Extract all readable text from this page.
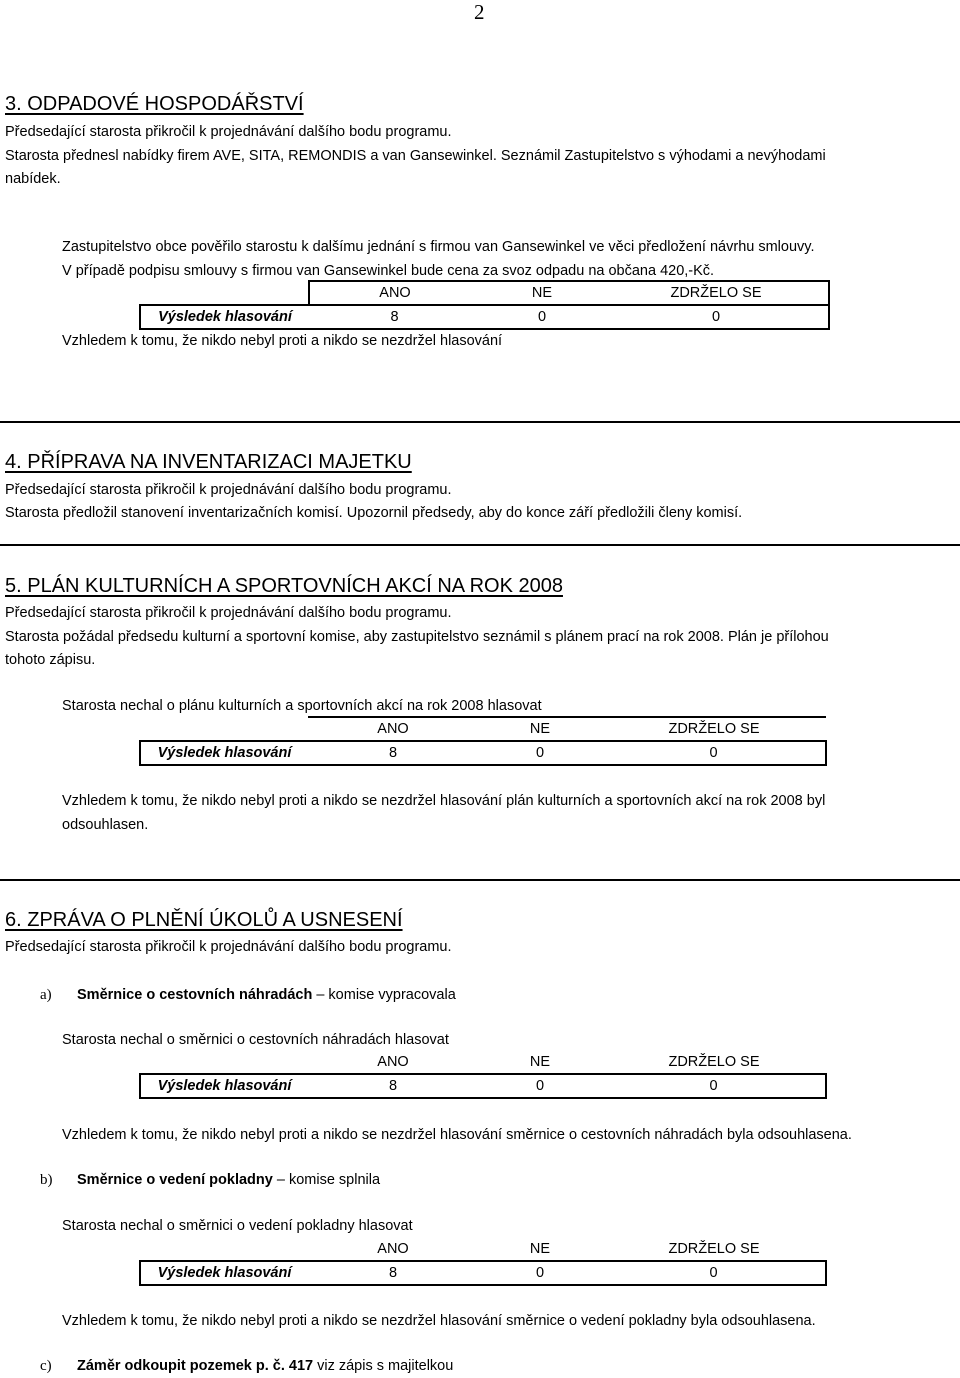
2
3. ODPADOVÉ HOSPODÁŘSTVÍ
Předsedající starosta přikročil k projednávání dalšího bodu programu.
Starosta přednesl nabídky firem AVE, SITA, REMONDIS a van Gansewinkel. Seznámil Zastupitelstvo s výhodami a nevýhodami
nabídek.
Zastupitelstvo obce pověřilo starostu k dalšímu jednání s firmou van Gansewinkel ve věci předložení návrhu smlouvy.
V případě podpisu smlouvy s firmou van Gansewinkel bude cena za svoz odpadu na občana 420,-Kč.
	ANO	NE	ZDRŽELO SE
Výsledek hlasování	8	0	0
Vzhledem k tomu, že nikdo nebyl proti a nikdo se nezdržel hlasování
4. PŘÍPRAVA NA INVENTARIZACI MAJETKU
Předsedající starosta přikročil k projednávání dalšího bodu programu.
Starosta předložil stanovení inventarizačních komisí. Upozornil předsedy, aby do konce září předložili členy komisí.
5. PLÁN KULTURNÍCH A SPORTOVNÍCH AKCÍ NA ROK 2008
Předsedající starosta přikročil k projednávání dalšího bodu programu.
Starosta požádal předsedu kulturní a sportovní komise, aby zastupitelstvo seznámil s plánem prací na rok 2008. Plán je přílohou
tohoto zápisu.
Starosta nechal o plánu kulturních a sportovních akcí na rok 2008 hlasovat
	ANO	NE	ZDRŽELO SE
Výsledek hlasování	8	0	0
Vzhledem k tomu, že nikdo nebyl proti a nikdo se nezdržel hlasování plán kulturních a sportovních akcí na rok 2008 byl
odsouhlasen.
6. ZPRÁVA O PLNĚNÍ ÚKOLŮ A USNESENÍ
Předsedající starosta přikročil k projednávání dalšího bodu programu.
a) Směrnice o cestovních náhradách – komise vypracovala
Starosta nechal o směrnici o cestovních náhradách hlasovat
	ANO	NE	ZDRŽELO SE
Výsledek hlasování	8	0	0
Vzhledem k tomu, že nikdo nebyl proti a nikdo se nezdržel hlasování směrnice o cestovních náhradách byla odsouhlasena.
b) Směrnice o vedení pokladny – komise splnila
Starosta nechal o směrnici o vedení pokladny hlasovat
	ANO	NE	ZDRŽELO SE
Výsledek hlasování	8	0	0
Vzhledem k tomu, že nikdo nebyl proti a nikdo se nezdržel hlasování směrnice o vedení pokladny byla odsouhlasena.
c) Záměr odkoupit pozemek p. č. 417 viz zápis s majitelkou
